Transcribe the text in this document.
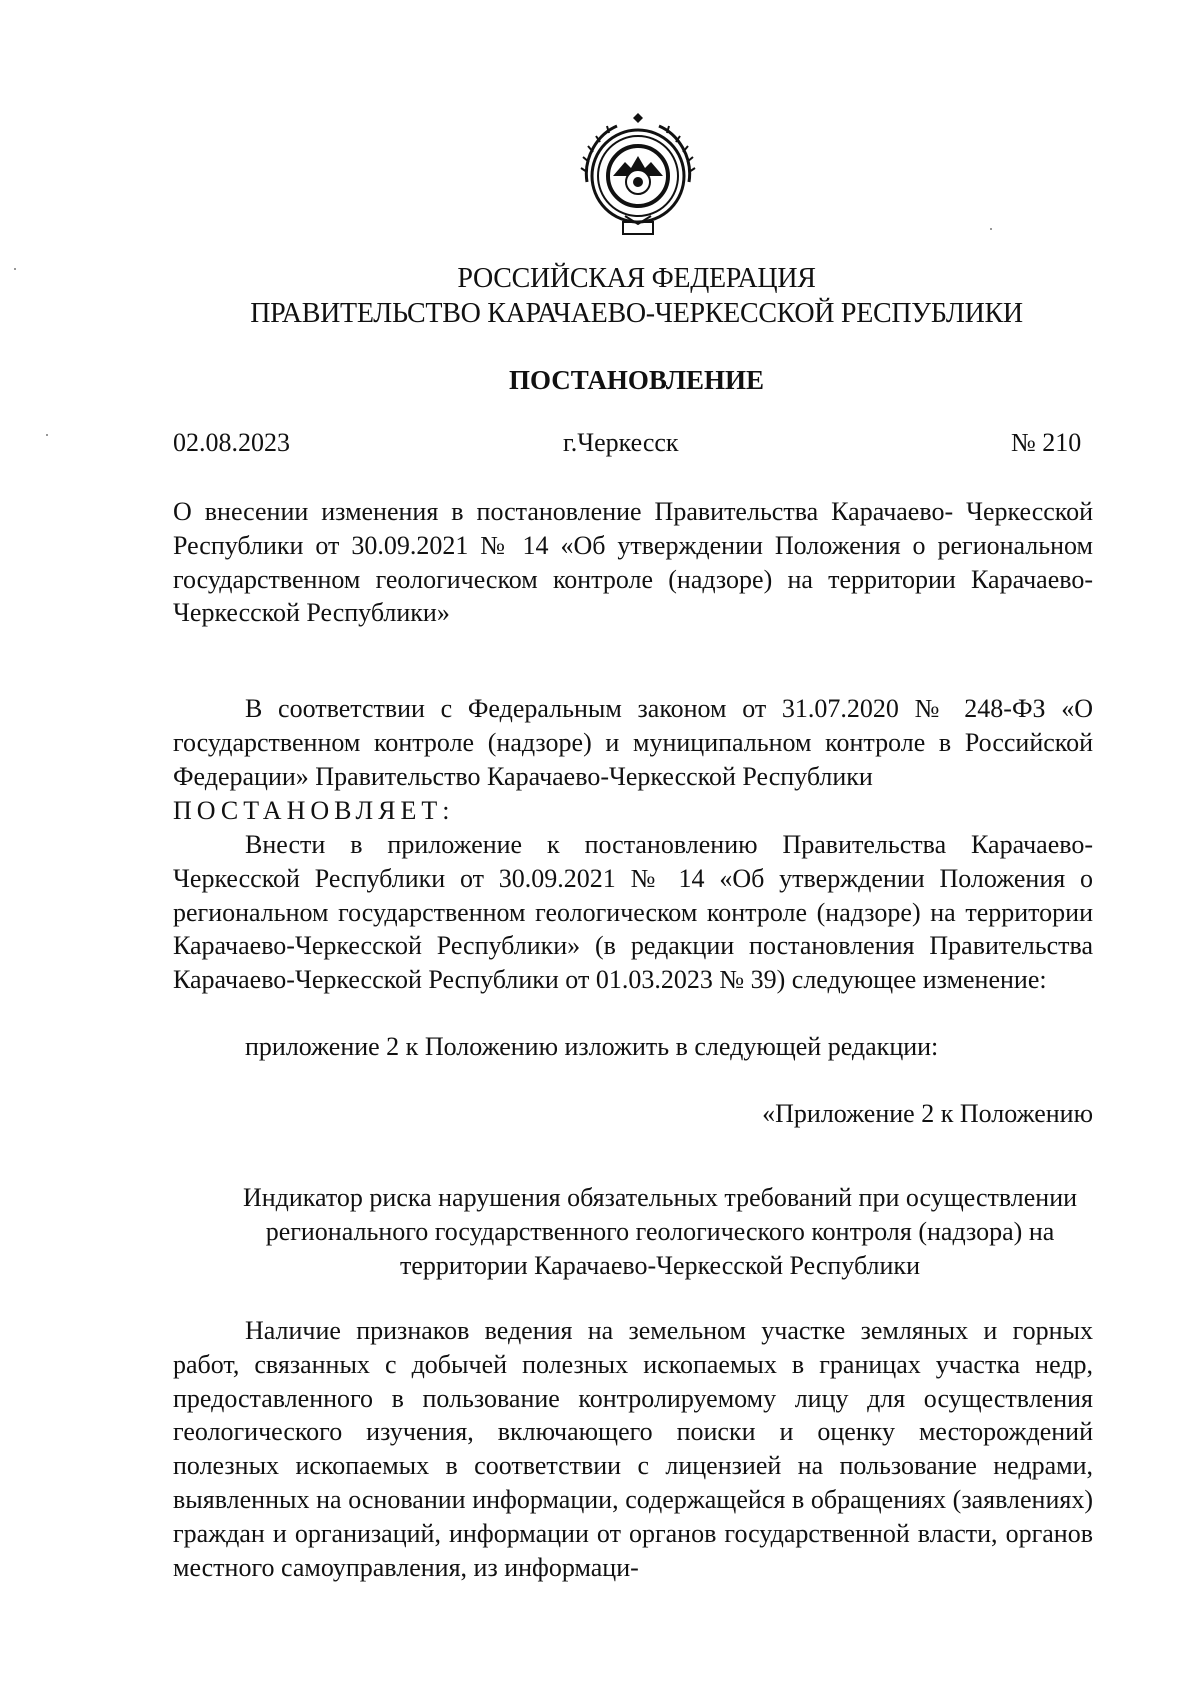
РОССИЙСКАЯ ФЕДЕРАЦИЯ
ПРАВИТЕЛЬСТВО КАРАЧАЕВО-ЧЕРКЕССКОЙ РЕСПУБЛИКИ
ПОСТАНОВЛЕНИЕ
02.08.2023	г.Черкесск	№ 210
О внесении изменения в постановление Правительства Карачаево- Черкесской Республики от 30.09.2021 № 14 «Об утверждении Положения о региональном государственном геологическом контроле (надзоре) на территории Карачаево-Черкесской Республики»
В соответствии с Федеральным законом от 31.07.2020 № 248-ФЗ «О государственном контроле (надзоре) и муниципальном контроле в Российской Федерации» Правительство Карачаево-Черкесской Республики
ПОСТАНОВЛЯЕТ:
Внести в приложение к постановлению Правительства Карачаево-Черкесской Республики от 30.09.2021 № 14 «Об утверждении Положения о региональном государственном геологическом контроле (надзоре) на территории Карачаево-Черкесской Республики» (в редакции постановления Правительства Карачаево-Черкесской Республики от 01.03.2023 № 39) следующее изменение:
приложение 2 к Положению изложить в следующей редакции:
«Приложение 2 к Положению
Индикатор риска нарушения обязательных требований при осуществлении регионального государственного геологического контроля (надзора) на территории Карачаево-Черкесской Республики
Наличие признаков ведения на земельном участке земляных и горных работ, связанных с добычей полезных ископаемых в границах участка недр, предоставленного в пользование контролируемому лицу для осуществления геологического изучения, включающего поиски и оценку месторождений полезных ископаемых в соответствии с лицензией на пользование недрами, выявленных на основании информации, содержащейся в обращениях (заявлениях) граждан и организаций, информации от органов государственной власти, органов местного самоуправления, из информаци-
